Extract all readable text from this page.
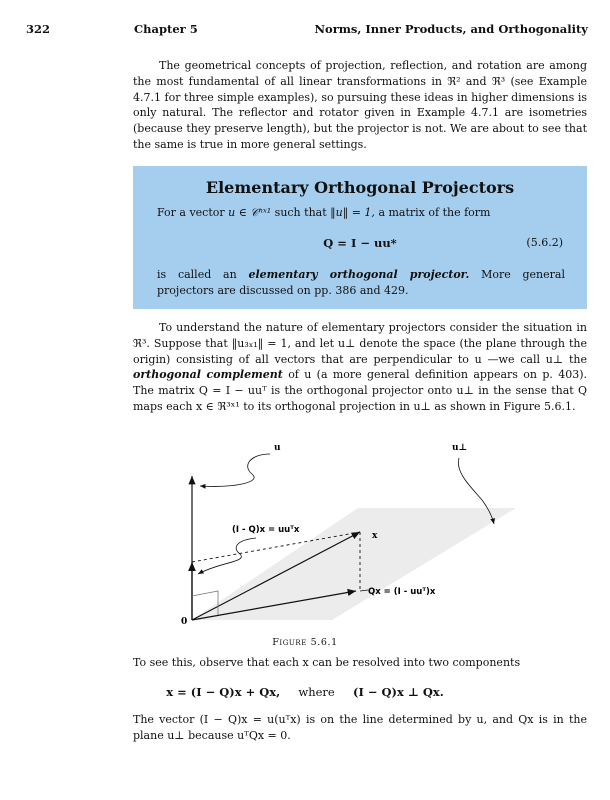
322	Chapter 5	Norms, Inner Products, and Orthogonality

The geometrical concepts of projection, reflection, and rotation are among the most fundamental of all linear transformations in ℜ² and ℜ³ (see Example 4.7.1 for three simple examples), so pursuing these ideas in higher dimensions is only natural. The reflector and rotator given in Example 4.7.1 are isometries (because they preserve length), but the projector is not. We are about to see that the same is true in more general settings.

Elementary Orthogonal Projectors
For a vector u ∈ 𝒞ⁿˣ¹ such that ‖u‖ = 1, a matrix of the form
Q = I − uu*	(5.6.2)
is called an elementary orthogonal projector. More general projectors are discussed on pp. 386 and 429.

To understand the nature of elementary projectors consider the situation in ℜ³. Suppose that ‖u₃ₓ₁‖ = 1, and let u⊥ denote the space (the plane through the origin) consisting of all vectors that are perpendicular to u —we call u⊥ the orthogonal complement of u (a more general definition appears on p. 403). The matrix Q = I − uuᵀ is the orthogonal projector onto u⊥ in the sense that Q maps each x ∈ ℜ³ˣ¹ to its orthogonal projection in u⊥ as shown in Figure 5.6.1.

u	u⊥
x
0
(I - Q)x = uuᵀx
Qx = (I - uuᵀ)x
Figure 5.6.1
To see this, observe that each x can be resolved into two components
x = (I − Q)x + Qx, where (I − Q)x ⊥ Qx.

The vector (I − Q)x = u(uᵀx) is on the line determined by u, and Qx is in the plane u⊥ because uᵀQx = 0.
